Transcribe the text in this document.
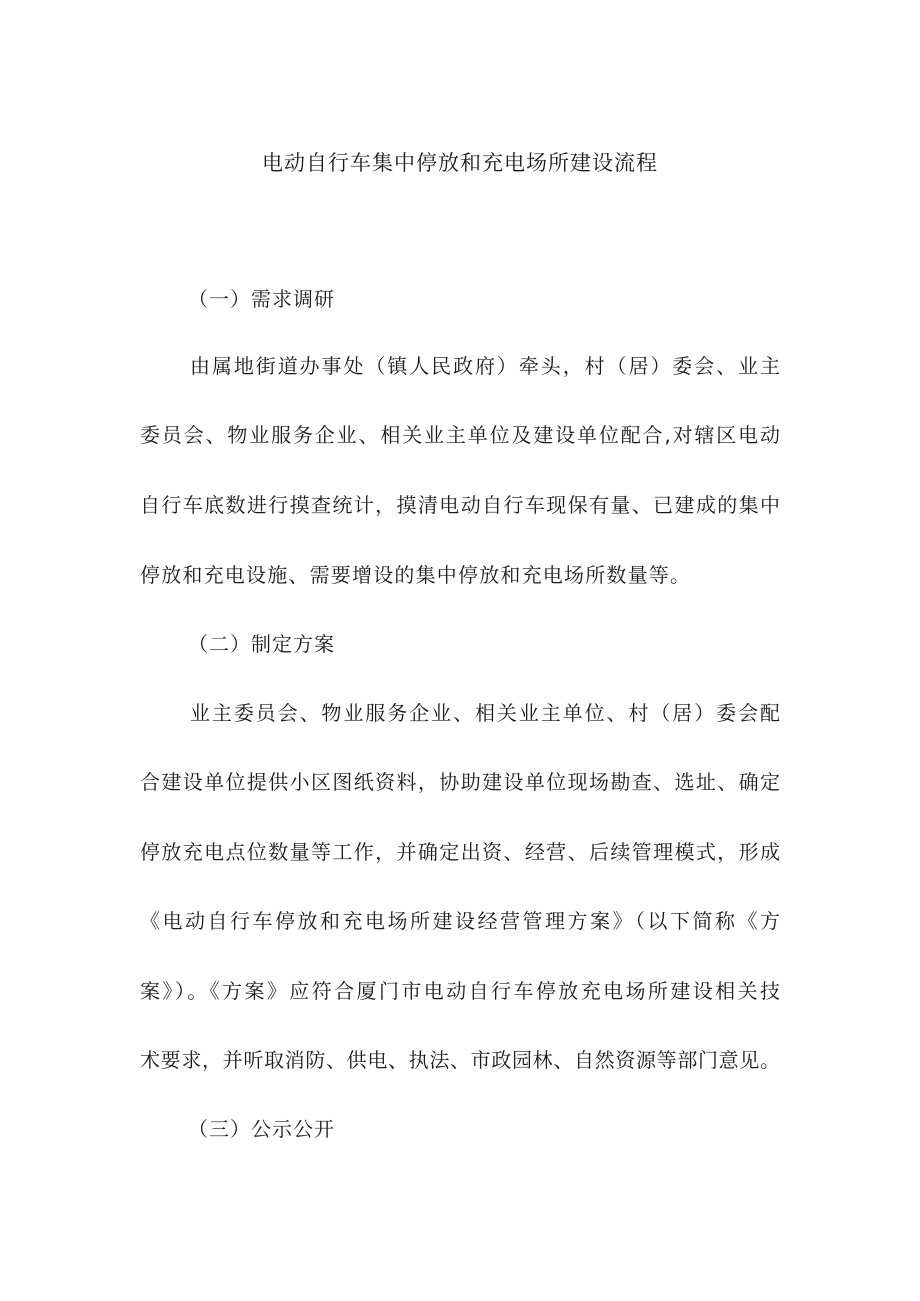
电动自行车集中停放和充电场所建设流程
（一）需求调研
由属地街道办事处（镇人民政府）牵头，村（居）委会、业主
委员会、物业服务企业、相关业主单位及建设单位配合,对辖区电动
自行车底数进行摸查统计，摸清电动自行车现保有量、已建成的集中
停放和充电设施、需要增设的集中停放和充电场所数量等。
（二）制定方案
业主委员会、物业服务企业、相关业主单位、村（居）委会配
合建设单位提供小区图纸资料，协助建设单位现场勘查、选址、确定
停放充电点位数量等工作，并确定出资、经营、后续管理模式，形成
《电动自行车停放和充电场所建设经营管理方案》（以下简称《方
案》）。《方案》应符合厦门市电动自行车停放充电场所建设相关技
术要求，并听取消防、供电、执法、市政园林、自然资源等部门意见。
（三）公示公开
